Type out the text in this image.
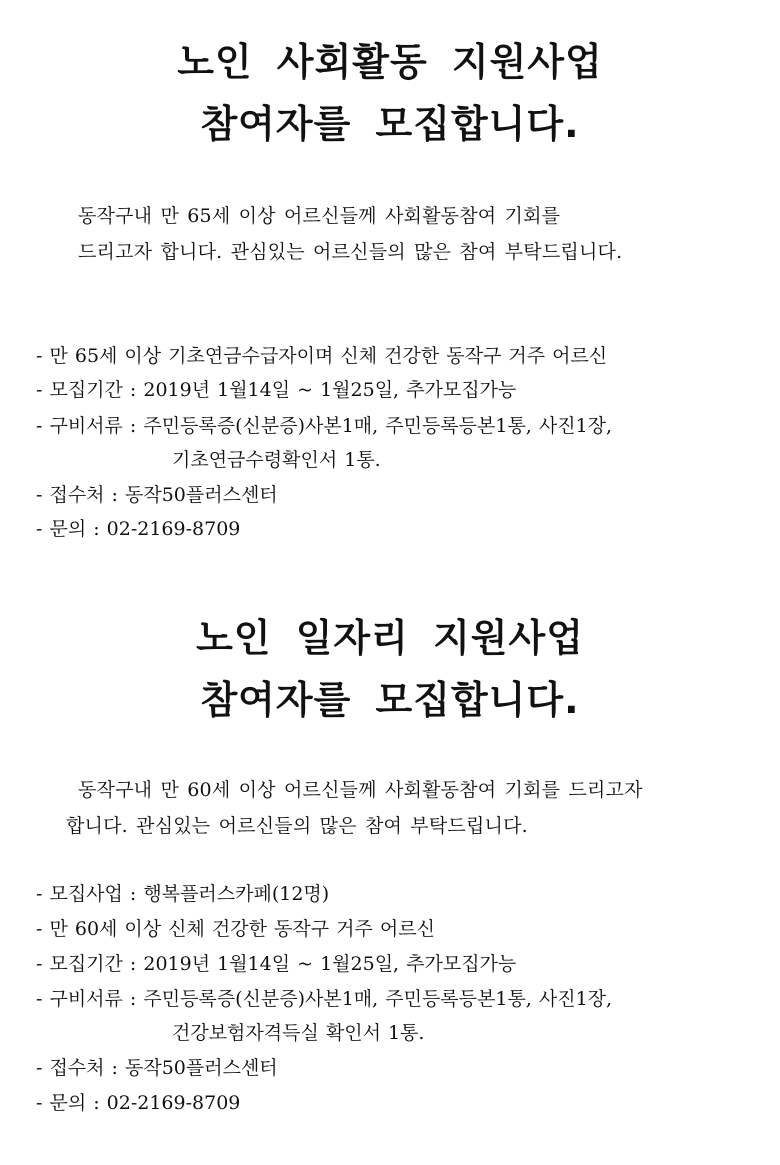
노인 사회활동 지원사업
참여자를 모집합니다.
동작구내 만 65세 이상 어르신들께 사회활동참여 기회를
드리고자 합니다. 관심있는 어르신들의 많은 참여 부탁드립니다.
- 만 65세 이상 기초연금수급자이며 신체 건강한 동작구 거주 어르신
- 모집기간 : 2019년 1월14일 ~ 1월25일, 추가모집가능
- 구비서류 : 주민등록증(신분증)사본1매, 주민등록등본1통, 사진1장,
기초연금수령확인서 1통.
- 접수처 : 동작50플러스센터
- 문의 : 02-2169-8709
노인 일자리 지원사업
참여자를 모집합니다.
동작구내 만 60세 이상 어르신들께 사회활동참여 기회를 드리고자
합니다. 관심있는 어르신들의 많은 참여 부탁드립니다.
- 모집사업 : 행복플러스카페(12명)
- 만 60세 이상 신체 건강한 동작구 거주 어르신
- 모집기간 : 2019년 1월14일 ~ 1월25일, 추가모집가능
- 구비서류 : 주민등록증(신분증)사본1매, 주민등록등본1통, 사진1장,
건강보험자격득실 확인서 1통.
- 접수처 : 동작50플러스센터
- 문의 : 02-2169-8709
